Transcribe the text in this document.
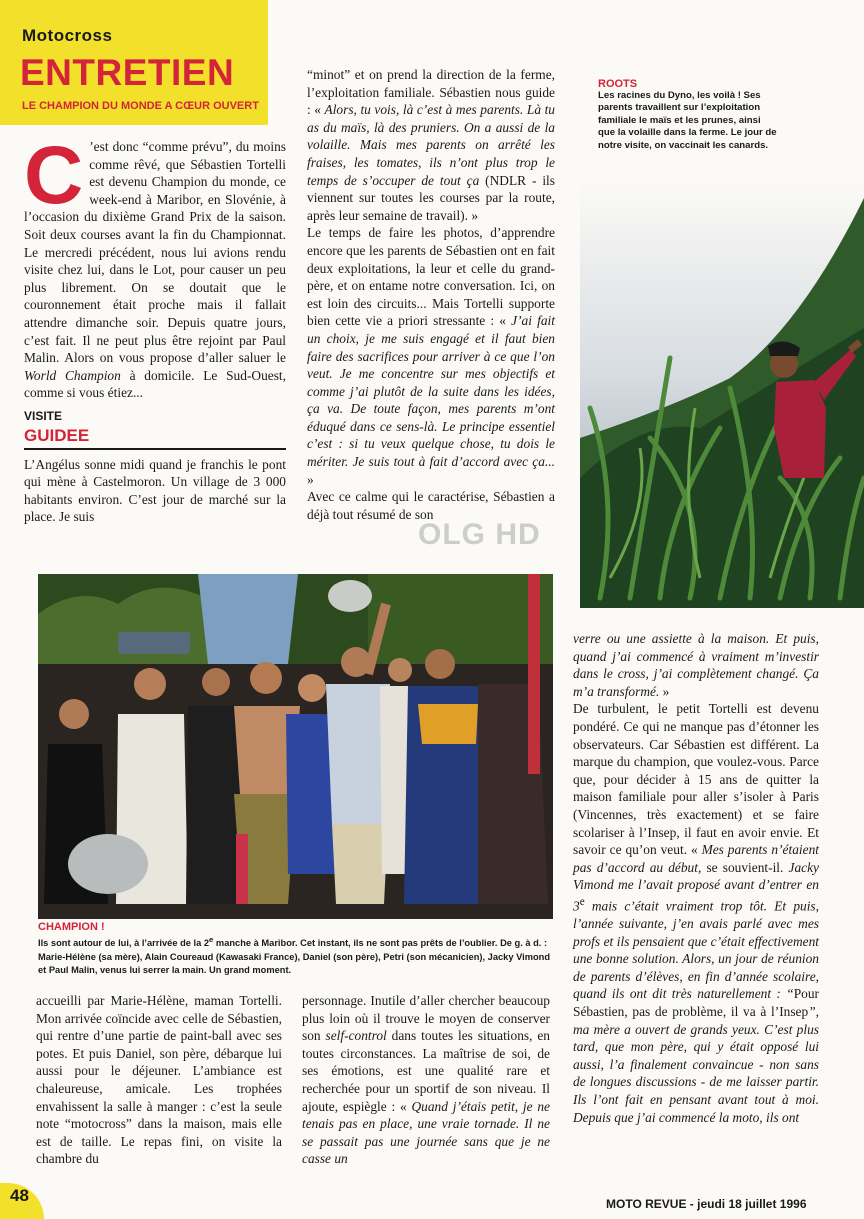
Motocross
ENTRETIEN
LE CHAMPION DU MONDE A CŒUR OUVERT
C ’est donc “comme prévu”, du moins comme rêvé, que Sébastien Tortelli est devenu Champion du monde, ce week-end à Maribor, en Slovénie, à l’occasion du dixième Grand Prix de la saison. Soit deux courses avant la fin du Championnat. Le mercredi précédent, nous lui avions rendu visite chez lui, dans le Lot, pour causer un peu plus librement. On se doutait que le couronnement était proche mais il fallait attendre dimanche soir. Depuis quatre jours, c’est fait. Il ne peut plus être rejoint par Paul Malin. Alors on vous propose d’aller saluer le World Champion à domicile. Le Sud-Ouest, comme si vous étiez...
VISITE
GUIDEE
L’Angélus sonne midi quand je franchis le pont qui mène à Castelmoron. Un village de 3 000 habitants environ. C’est jour de marché sur la place. Je suis
“minot” et on prend la direction de la ferme, l’exploitation familiale. Sébastien nous guide : « Alors, tu vois, là c’est à mes parents. Là tu as du maïs, là des pruniers. On a aussi de la volaille. Mais mes parents on arrêté les fraises, les tomates, ils n’ont plus trop le temps de s’occuper de tout ça (NDLR - ils viennent sur toutes les courses par la route, après leur semaine de travail). »
Le temps de faire les photos, d’apprendre encore que les parents de Sébastien ont en fait deux exploitations, la leur et celle du grand-père, et on entame notre conversation. Ici, on est loin des circuits... Mais Tortelli supporte bien cette vie a priori stressante : « J’ai fait un choix, je me suis engagé et il faut bien faire des sacrifices pour arriver à ce que l’on veut. Je me concentre sur mes objectifs et comme j’ai plutôt de la suite dans les idées, ça va. De toute façon, mes parents m’ont éduqué dans ce sens-là. Le principe essentiel c’est : si tu veux quelque chose, tu dois le mériter. Je suis tout à fait d’accord avec ça... »
Avec ce calme qui le caractérise, Sébastien a déjà tout résumé de son
OLG HD
ROOTS
Les racines du Dyno, les voilà ! Ses parents travaillent sur l’exploitation familiale le maïs et les prunes, ainsi que la volaille dans la ferme. Le jour de notre visite, on vaccinait les canards.
CHAMPION !
Ils sont autour de lui, à l’arrivée de la 2e manche à Maribor. Cet instant, ils ne sont pas prêts de l’oublier. De g. à d. : Marie-Hélène (sa mère), Alain Coureaud (Kawasaki France), Daniel (son père), Petri (son mécanicien), Jacky Vimond et Paul Malin, venus lui serrer la main. Un grand moment.
accueilli par Marie-Hélène, maman Tortelli. Mon arrivée coïncide avec celle de Sébastien, qui rentre d’une partie de paint-ball avec ses potes. Et puis Daniel, son père, débarque lui aussi pour le déjeuner. L’ambiance est chaleureuse, amicale. Les trophées envahissent la salle à manger : c’est la seule note “motocross” dans la maison, mais elle est de taille. Le repas fini, on visite la chambre du
personnage. Inutile d’aller chercher beaucoup plus loin où il trouve le moyen de conserver son self-control dans toutes les situations, en toutes circonstances. La maîtrise de soi, de ses émotions, est une qualité rare et recherchée pour un sportif de son niveau. Il ajoute, espiègle : « Quand j’étais petit, je ne tenais pas en place, une vraie tornade. Il ne se passait pas une journée sans que je ne casse un
verre ou une assiette à la maison. Et puis, quand j’ai commencé à vraiment m’investir dans le cross, j’ai complètement changé. Ça m’a transformé. »
De turbulent, le petit Tortelli est devenu pondéré. Ce qui ne manque pas d’étonner les observateurs. Car Sébastien est différent. La marque du champion, que voulez-vous. Parce que, pour décider à 15 ans de quitter la maison familiale pour aller s’isoler à Paris (Vincennes, très exactement) et se faire scolariser à l’Insep, il faut en avoir envie. Et savoir ce qu’on veut. « Mes parents n’étaient pas d’accord au début, se souvient-il. Jacky Vimond me l’avait proposé avant d’entrer en 3e mais c’était vraiment trop tôt. Et puis, l’année suivante, j’en avais parlé avec mes profs et ils pensaient que c’était effectivement une bonne solution. Alors, un jour de réunion de parents d’élèves, en fin d’année scolaire, quand ils ont dit très naturellement : “Pour Sébastien, pas de problème, il va à l’Insep”, ma mère a ouvert de grands yeux. C’est plus tard, que mon père, qui y était opposé lui aussi, l’a finalement convaincue - non sans de longues discussions - de me laisser partir. Ils l’ont fait en pensant avant tout à moi. Depuis que j’ai commencé la moto, ils ont
48	MOTO REVUE - jeudi 18 juillet 1996
